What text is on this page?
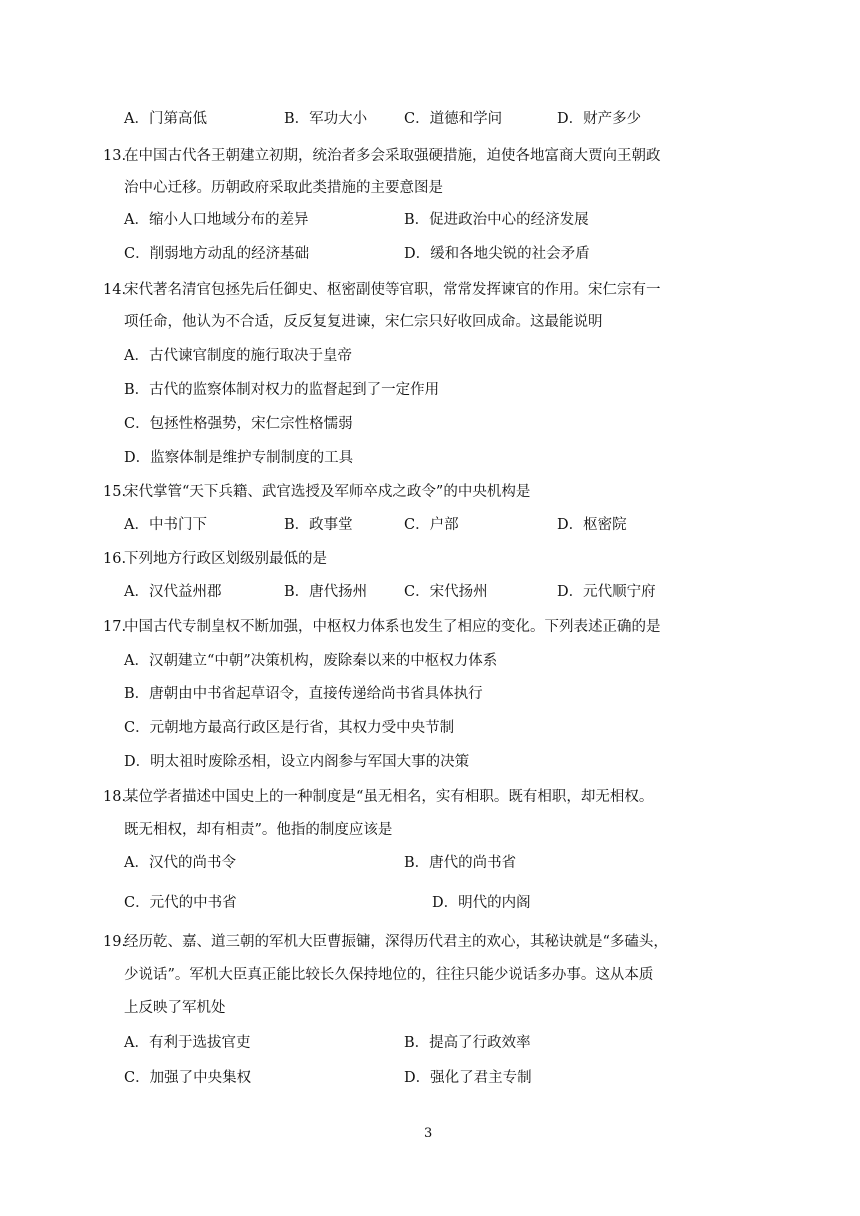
A．门第高低	B．军功大小	C．道德和学问	D．财产多少
13.
在中国古代各王朝建立初期，统治者多会采取强硬措施，迫使各地富商大贾向王朝政
治中心迁移。历朝政府采取此类措施的主要意图是
A．缩小人口地域分布的差异	B．促进政治中心的经济发展
C．削弱地方动乱的经济基础	D．缓和各地尖锐的社会矛盾
14.
宋代著名清官包拯先后任御史、枢密副使等官职，常常发挥谏官的作用。宋仁宗有一
项任命，他认为不合适，反反复复进谏，宋仁宗只好收回成命。这最能说明
A．古代谏官制度的施行取决于皇帝
B．古代的监察体制对权力的监督起到了一定作用
C．包拯性格强势，宋仁宗性格懦弱
D．监察体制是维护专制制度的工具
15.
宋代掌管“天下兵籍、武官选授及军师卒戍之政令”的中央机构是
A．中书门下	B．政事堂	C．户部	D．枢密院
16.
下列地方行政区划级别最低的是
A．汉代益州郡	B．唐代扬州	C．宋代扬州	D．元代顺宁府
17.
中国古代专制皇权不断加强，中枢权力体系也发生了相应的变化。下列表述正确的是
A．汉朝建立“中朝”决策机构，废除秦以来的中枢权力体系
B．唐朝由中书省起草诏令，直接传递给尚书省具体执行
C．元朝地方最高行政区是行省，其权力受中央节制
D．明太祖时废除丞相，设立内阁参与军国大事的决策
18.
某位学者描述中国史上的一种制度是“虽无相名，实有相职。既有相职，却无相权。
既无相权，却有相责”。他指的制度应该是
A．汉代的尚书令	B．唐代的尚书省
C．元代的中书省	D．明代的内阁
19.
经历乾、嘉、道三朝的军机大臣曹振镛，深得历代君主的欢心，其秘诀就是“多磕头，
少说话”。军机大臣真正能比较长久保持地位的，往往只能少说话多办事。这从本质
上反映了军机处
A．有利于选拔官吏	B．提高了行政效率
C．加强了中央集权	D．强化了君主专制
3
